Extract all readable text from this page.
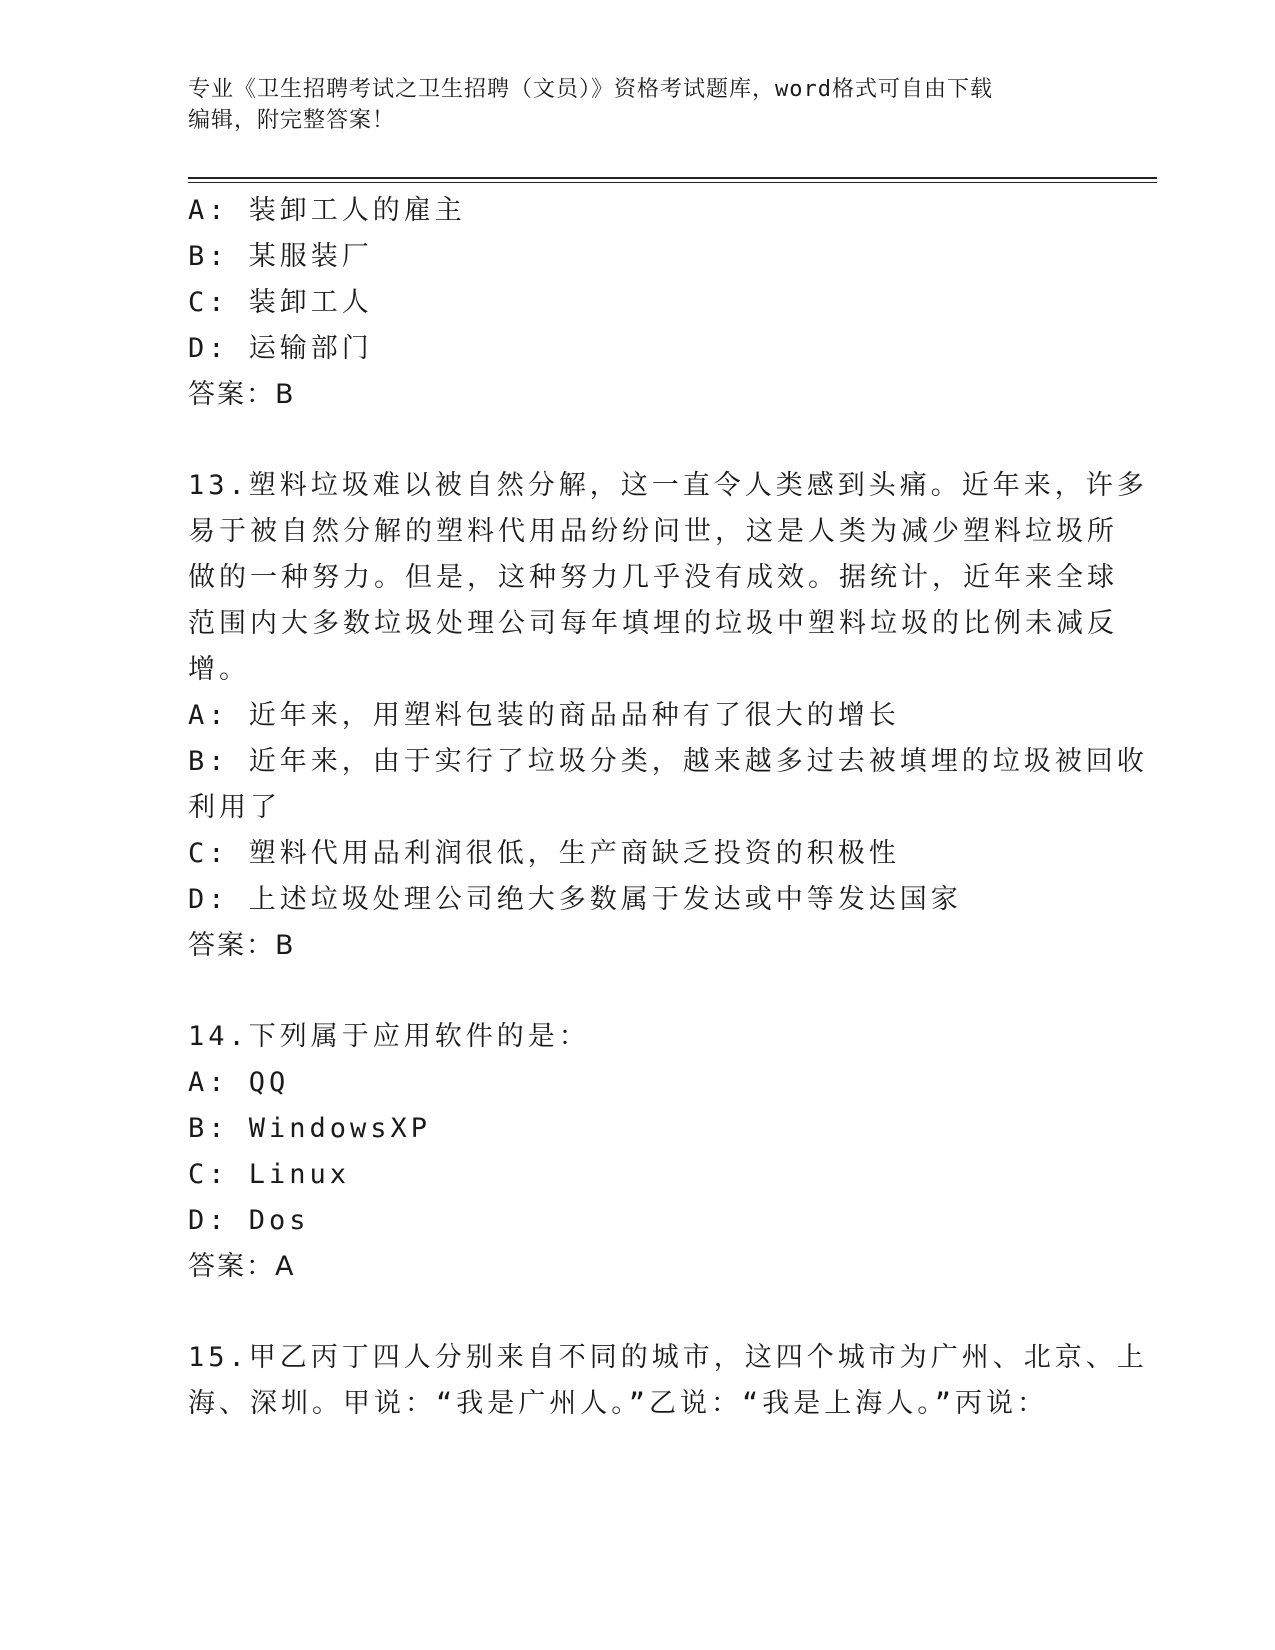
专业《卫生招聘考试之卫生招聘（文员）》资格考试题库，word格式可自由下载
编辑，附完整答案！
A: 装卸工人的雇主
B: 某服装厂
C: 装卸工人
D: 运输部门
答案：B
13.塑料垃圾难以被自然分解，这一直令人类感到头痛。近年来，许多
易于被自然分解的塑料代用品纷纷问世，这是人类为减少塑料垃圾所
做的一种努力。但是，这种努力几乎没有成效。据统计，近年来全球
范围内大多数垃圾处理公司每年填埋的垃圾中塑料垃圾的比例未减反
增。
A: 近年来，用塑料包装的商品品种有了很大的增长
B: 近年来，由于实行了垃圾分类，越来越多过去被填埋的垃圾被回收
利用了
C: 塑料代用品利润很低，生产商缺乏投资的积极性
D: 上述垃圾处理公司绝大多数属于发达或中等发达国家
答案：B
14.下列属于应用软件的是：
A: QQ
B: WindowsXP
C: Linux
D: Dos
答案：A
15.甲乙丙丁四人分别来自不同的城市，这四个城市为广州、北京、上
海、深圳。甲说：“我是广州人。”乙说：“我是上海人。”丙说：
